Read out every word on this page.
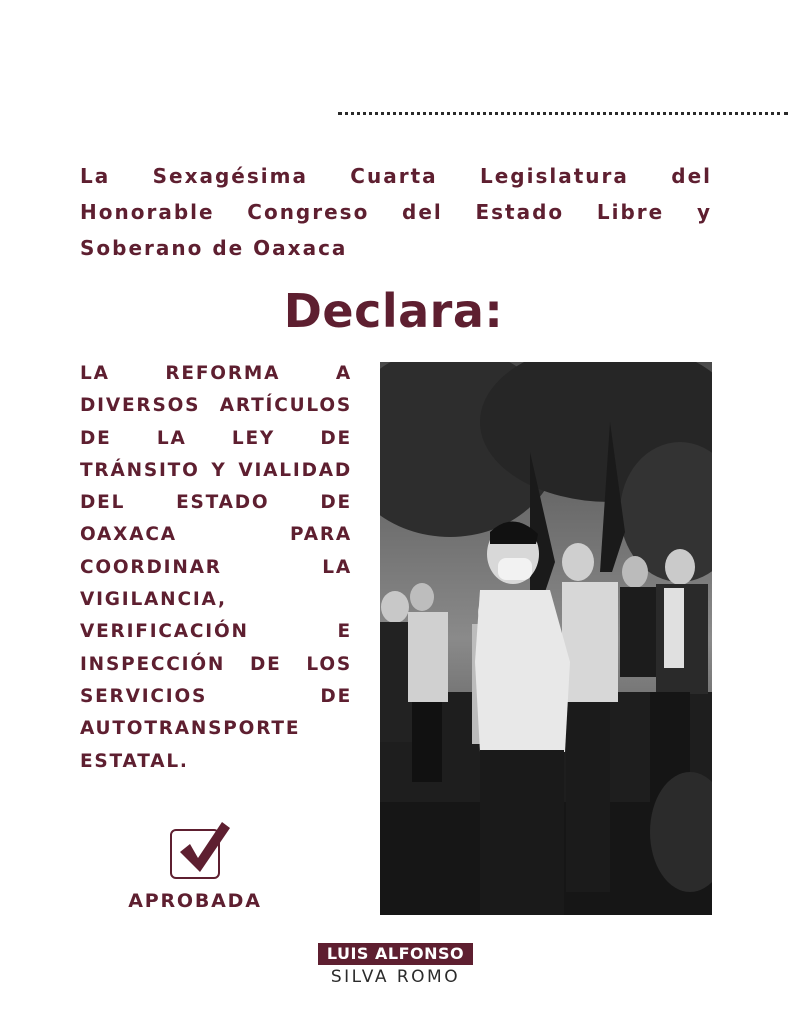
La Sexagésima Cuarta Legislatura del Honorable Congreso del Estado Libre y Soberano de Oaxaca
Declara:
LA REFORMA A DIVERSOS ARTÍCULOS DE LA LEY DE TRÁNSITO Y VIALIDAD DEL ESTADO DE OAXACA PARA COORDINAR LA VIGILANCIA, VERIFICACIÓN E INSPECCIÓN DE LOS SERVICIOS DE AUTOTRANSPORTE ESTATAL.
APROBADA
LUIS ALFONSO
SILVA ROMO
